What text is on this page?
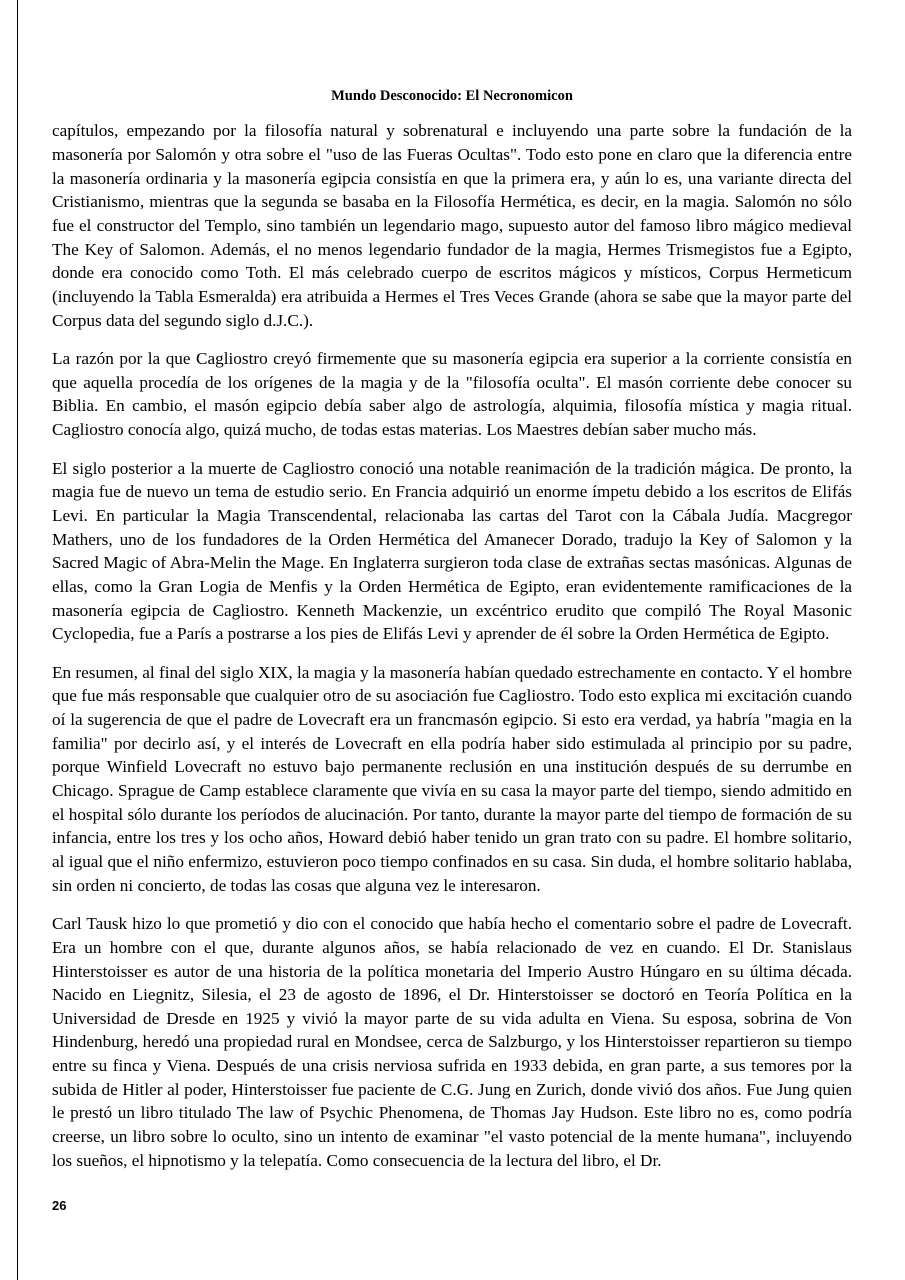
Mundo Desconocido: El Necronomicon

capítulos, empezando por la filosofía natural y sobrenatural e incluyendo una parte sobre la fundación de la masonería por Salomón y otra sobre el "uso de las Fueras Ocultas". Todo esto pone en claro que la diferencia entre la masonería ordinaria y la masonería egipcia consistía en que la primera era, y aún lo es, una variante directa del Cristianismo, mientras que la segunda se basaba en la Filosofía Hermética, es decir, en la magia. Salomón no sólo fue el constructor del Templo, sino también un legendario mago, supuesto autor del famoso libro mágico medieval The Key of Salomon. Además, el no menos legendario fundador de la magia, Hermes Trismegistos fue a Egipto, donde era conocido como Toth. El más celebrado cuerpo de escritos mágicos y místicos, Corpus Hermeticum (incluyendo la Tabla Esmeralda) era atribuida a Hermes el Tres Veces Grande (ahora se sabe que la mayor parte del Corpus data del segundo siglo d.J.C.).

La razón por la que Cagliostro creyó firmemente que su masonería egipcia era superior a la corriente consistía en que aquella procedía de los orígenes de la magia y de la "filosofía oculta". El masón corriente debe conocer su Biblia. En cambio, el masón egipcio debía saber algo de astrología, alquimia, filosofía mística y magia ritual. Cagliostro conocía algo, quizá mucho, de todas estas materias. Los Maestres debían saber mucho más.

El siglo posterior a la muerte de Cagliostro conoció una notable reanimación de la tradición mágica. De pronto, la magia fue de nuevo un tema de estudio serio. En Francia adquirió un enorme ímpetu debido a los escritos de Elifás Levi. En particular la Magia Transcendental, relacionaba las cartas del Tarot con la Cábala Judía. Macgregor Mathers, uno de los fundadores de la Orden Hermética del Amanecer Dorado, tradujo la Key of Salomon y la Sacred Magic of Abra-Melin the Mage. En Inglaterra surgieron toda clase de extrañas sectas masónicas. Algunas de ellas, como la Gran Logia de Menfis y la Orden Hermética de Egipto, eran evidentemente ramificaciones de la masonería egipcia de Cagliostro. Kenneth Mackenzie, un excéntrico erudito que compiló The Royal Masonic Cyclopedia, fue a París a postrarse a los pies de Elifás Levi y aprender de él sobre la Orden Hermética de Egipto.

En resumen, al final del siglo XIX, la magia y la masonería habían quedado estrechamente en contacto. Y el hombre que fue más responsable que cualquier otro de su asociación fue Cagliostro. Todo esto explica mi excitación cuando oí la sugerencia de que el padre de Lovecraft era un francmasón egipcio. Si esto era verdad, ya habría "magia en la familia" por decirlo así, y el interés de Lovecraft en ella podría haber sido estimulada al principio por su padre, porque Winfield Lovecraft no estuvo bajo permanente reclusión en una institución después de su derrumbe en Chicago. Sprague de Camp establece claramente que vivía en su casa la mayor parte del tiempo, siendo admitido en el hospital sólo durante los períodos de alucinación. Por tanto, durante la mayor parte del tiempo de formación de su infancia, entre los tres y los ocho años, Howard debió haber tenido un gran trato con su padre. El hombre solitario, al igual que el niño enfermizo, estuvieron poco tiempo confinados en su casa. Sin duda, el hombre solitario hablaba, sin orden ni concierto, de todas las cosas que alguna vez le interesaron.

Carl Tausk hizo lo que prometió y dio con el conocido que había hecho el comentario sobre el padre de Lovecraft. Era un hombre con el que, durante algunos años, se había relacionado de vez en cuando. El Dr. Stanislaus Hinterstoisser es autor de una historia de la política monetaria del Imperio Austro Húngaro en su última década. Nacido en Liegnitz, Silesia, el 23 de agosto de 1896, el Dr. Hinterstoisser se doctoró en Teoría Política en la Universidad de Dresde en 1925 y vivió la mayor parte de su vida adulta en Viena. Su esposa, sobrina de Von Hindenburg, heredó una propiedad rural en Mondsee, cerca de Salzburgo, y los Hinterstoisser repartieron su tiempo entre su finca y Viena. Después de una crisis nerviosa sufrida en 1933 debida, en gran parte, a sus temores por la subida de Hitler al poder, Hinterstoisser fue paciente de C.G. Jung en Zurich, donde vivió dos años. Fue Jung quien le prestó un libro titulado The law of Psychic Phenomena, de Thomas Jay Hudson. Este libro no es, como podría creerse, un libro sobre lo oculto, sino un intento de examinar "el vasto potencial de la mente humana", incluyendo los sueños, el hipnotismo y la telepatía. Como consecuencia de la lectura del libro, el Dr.

26
